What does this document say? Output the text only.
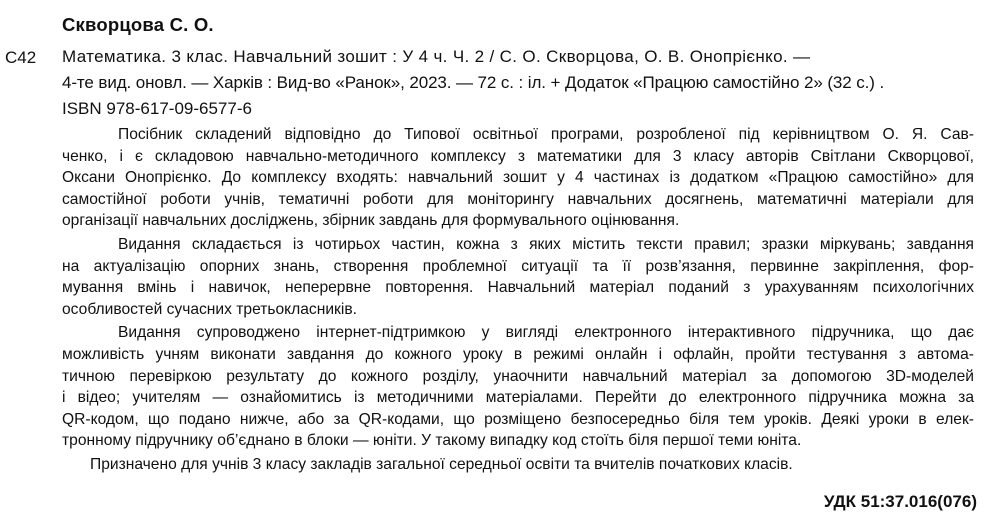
Скворцова С. О.
С42 Математика. 3 клас. Навчальний зошит : У 4 ч. Ч. 2 / С. О. Скворцова, О. В. Онопрієнко. —
4-те вид. оновл. — Харків : Вид-во «Ранок», 2023. — 72 с. : іл. + Додаток «Працюю самостійно 2» (32 с.) .
ISBN 978-617-09-6577-6
Посібник складений відповідно до Типової освітньої програми, розробленої під керівництвом О. Я. Сав-
ченко, і є складовою навчально-методичного комплексу з математики для 3 класу авторів Світлани Скворцової,
Оксани Онопрієнко. До комплексу входять: навчальний зошит у 4 частинах із додатком «Працюю самостійно» для
самостійної роботи учнів, тематичні роботи для моніторингу навчальних досягнень, математичні матеріали для
організації навчальних досліджень, збірник завдань для формувального оцінювання.
Видання складається із чотирьох частин, кожна з яких містить тексти правил; зразки міркувань; завдання
на актуалізацію опорних знань, створення проблемної ситуації та її розв’язання, первинне закріплення, фор-
мування вмінь і навичок, неперервне повторення. Навчальний матеріал поданий з урахуванням психологічних
особливостей сучасних третьокласників.
Видання супроводжено інтернет-підтримкою у вигляді електронного інтерактивного підручника, що дає
можливість учням виконати завдання до кожного уроку в режимі онлайн і офлайн, пройти тестування з автома-
тичною перевіркою результату до кожного розділу, унаочнити навчальний матеріал за допомогою 3D-моделей
і відео; учителям — ознайомитись із методичними матеріалами. Перейти до електронного підручника можна за
QR-кодом, що подано нижче, або за QR-кодами, що розміщено безпосередньо біля тем уроків. Деякі уроки в елек-
тронному підручнику об’єднано в блоки — юніти. У такому випадку код стоїть біля першої теми юніта.
Призначено для учнів 3 класу закладів загальної середньої освіти та вчителів початкових класів.
УДК 51:37.016(076)
